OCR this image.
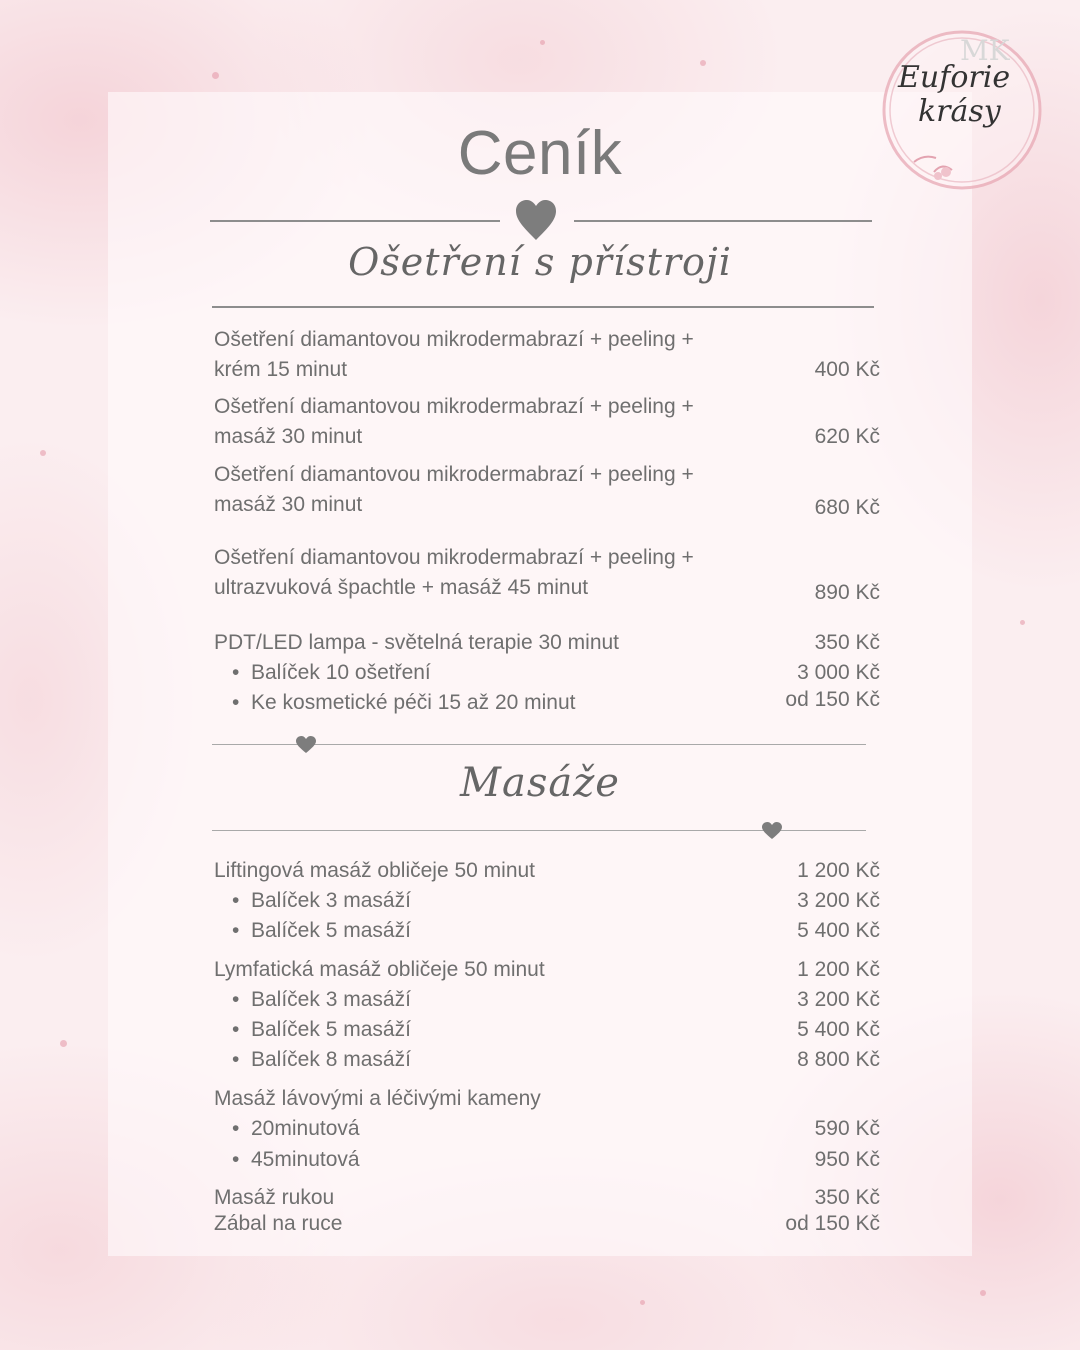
MK
Euforie
krásy
Ceník
Ošetření s přístroji
Ošetření diamantovou mikrodermabrazí + peeling + krém 15 minut	400 Kč
Ošetření diamantovou mikrodermabrazí + peeling + masáž 30 minut	620 Kč
Ošetření diamantovou mikrodermabrazí + peeling + masáž 30 minut	680 Kč
Ošetření diamantovou mikrodermabrazí + peeling + ultrazvuková špachtle + masáž 45 minut	890 Kč
PDT/LED lampa - světelná terapie 30 minut	350 Kč
• Balíček 10 ošetření	3 000 Kč
• Ke kosmetické péči 15 až 20 minut	od 150 Kč
Masáže
Liftingová masáž obličeje 50 minut	1 200 Kč
• Balíček 3 masáží	3 200 Kč
• Balíček 5 masáží	5 400 Kč
Lymfatická masáž obličeje 50 minut	1 200 Kč
• Balíček 3 masáží	3 200 Kč
• Balíček 5 masáží	5 400 Kč
• Balíček 8 masáží	8 800 Kč
Masáž lávovými a léčivými kameny
• 20minutová	590 Kč
• 45minutová	950 Kč
Masáž rukou	350 Kč
Zábal na ruce	od 150 Kč
